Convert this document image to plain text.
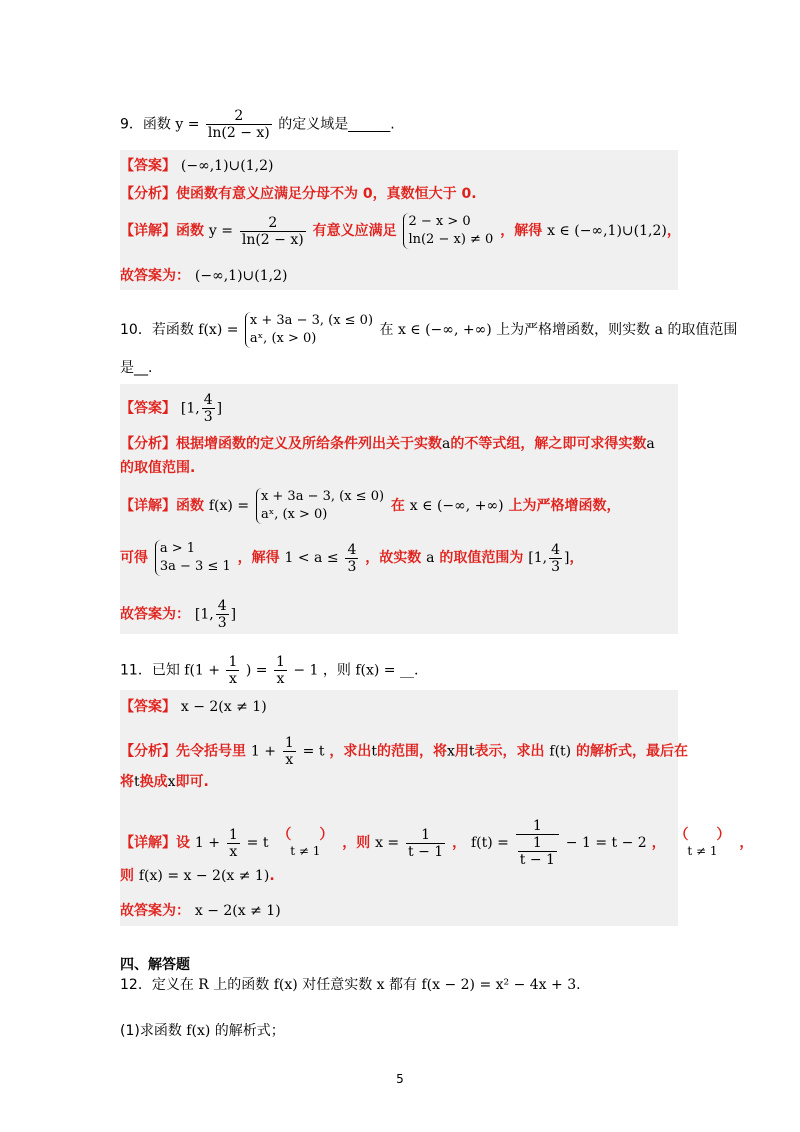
9．函数 $y = \frac{2}{\ln(2 - x)}$ 的定义域是______.
【答案】 (−∞,1)∪(1,2)
【分析】使函数有意义应满足分母不为 0，真数恒大于 0.
【详解】函数 $y = \frac{2}{\ln(2 - x)}$ 有意义应满足
2 − x > 0
ln(2 − x) ≠ 0
，解得 x ∈ (−∞,1)∪(1,2)，
故答案为： (−∞,1)∪(1,2)
10．若函数 f(x) =
x + 3a − 3, (x ≤ 0)
aˣ, (x > 0)
在 x ∈ (−∞, +∞) 上为严格增函数，则实数 a 的取值范围
是__.
【答案】 [1, $\frac{4}{3}$ ]
【分析】根据增函数的定义及所给条件列出关于实数a的不等式组，解之即可求得实数a
的取值范围.
【详解】函数 f(x) =
x + 3a − 3, (x ≤ 0)
aˣ, (x > 0)
在 x ∈ (−∞, +∞) 上为严格增函数，
可得
a > 1
3a − 3 ≤ 1
，解得 $1 < a \le \frac{4}{3}$ ，故实数 a 的取值范围为 [1, $\frac{4}{3}$ ]，
故答案为： [1, $\frac{4}{3}$ ]
11．已知 $f(1 + \frac{1}{x}$ ) = $\frac{1}{x} - 1$ ，则 f(x) = __.
【答案】 x − 2(x ≠ 1)
【分析】先令括号里 $1 + \frac{1}{x} = t$ ，求出t的范围，将x用t表示，求出 f(t) 的解析式，最后在
将t换成x即可.
【详解】设 $1 + \frac{1}{x} = t$ （　　）
t ≠ 1	，则 $x = \frac{1}{t - 1}$ ， f(t) = 1
1
t − 1 − 1 = t − 2 ， （　　）
t ≠ 1	，
则 f(x) = x − 2(x ≠ 1).
故答案为： x − 2(x ≠ 1)
四、解答题
12．定义在 R 上的函数 f(x) 对任意实数 x 都有 f(x − 2) = x² − 4x + 3.
(1)求函数 f(x) 的解析式；
5
